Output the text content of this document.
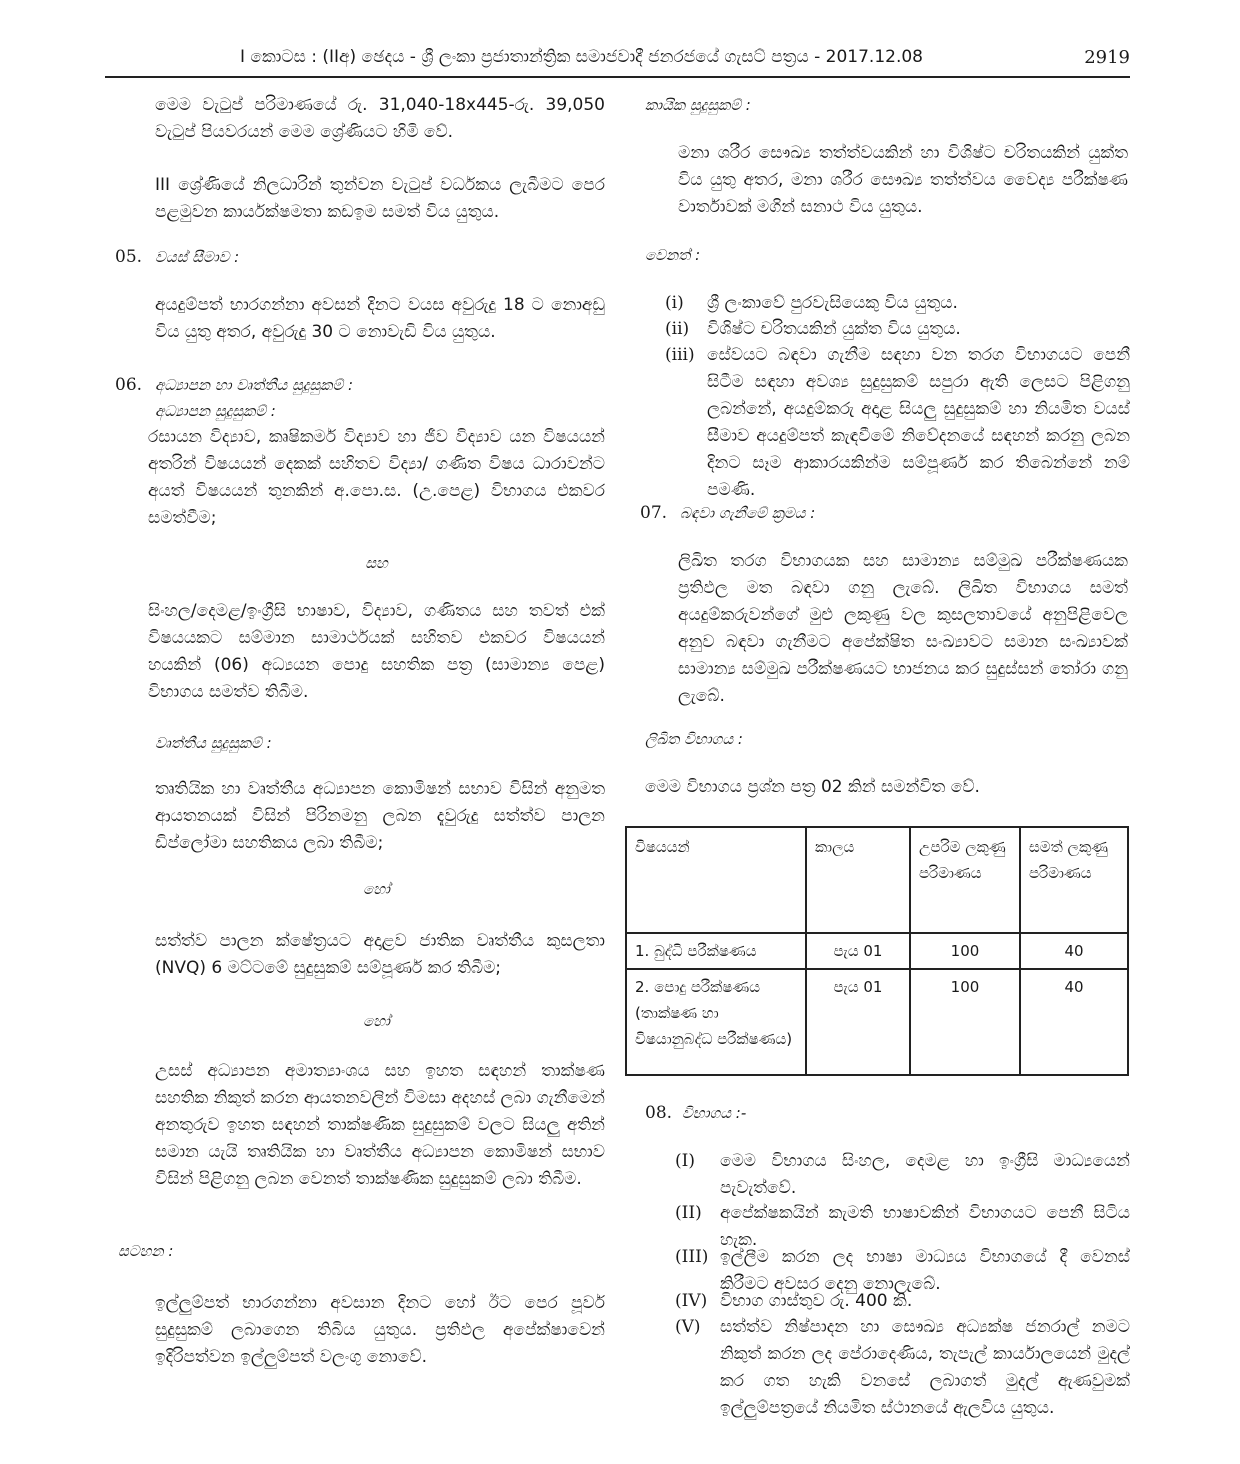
I කොටස : (IIඅ) ඡෙදය - ශ්‍රී ලංකා ප්‍රජාතාන්ත්‍රික සමාජවාදී ජනරජයේ ගැසට් පත්‍රය - 2017.12.08	2919

මෙම වැටුප් පරිමාණයේ රු. 31,040-18x445-රු. 39,050 වැටුප් පියවරයන් මෙම ශ්‍රේණියට හිමි වේ.

III ශ්‍රේණියේ නිලධාරින් තුන්වන වැටුප් වර්ධකය ලැබීමට පෙර පළමුවන කාර්යක්ෂමතා කඩඉම සමත් විය යුතුය.

05. වයස් සීමාව :

අයදුම්පත් භාරගන්නා අවසන් දිනට වයස අවුරුදු 18 ට නොඅඩු විය යුතු අතර, අවුරුදු 30 ට නොවැඩි විය යුතුය.

06. අධ්‍යාපන හා වෘත්තීය සුදුසුකම් :
අධ්‍යාපන සුදුසුකම් :

රසායන විද්‍යාව, කෘෂිකර්ම විද්‍යාව හා ජීව විද්‍යාව යන විෂයයන් අතරින් විෂයයන් දෙකක් සහිතව විද්‍යා/ ගණිත විෂය ධාරාවන්ට අයත් විෂයයන් තුනකින් අ.පො.ස. (උ.පෙළ) විභාගය එකවර සමත්වීම;

සහ

සිංහල/දෙමළ/ඉංග්‍රීසි භාෂාව, විද්‍යාව, ගණිතය සහ තවත් එක් විෂයයකට සම්මාන සාමාර්ථයක් සහිතව එකවර විෂයයන් හයකින් (06) අධ්‍යයන පොදු සහතික පත්‍ර (සාමාන්‍ය පෙළ) විභාගය සමත්ව තිබීම.

වෘත්තීය සුදුසුකම් :

තෘතියික හා වෘත්තීය අධ්‍යාපන කොමිෂන් සභාව විසින් අනුමත ආයතනයක් විසින් පිරිනමනු ලබන දැවුරුදු සත්ත්ව පාලන ඩිප්ලෝමා සහතිකය ලබා තිබීම;

හෝ

සත්ත්ව පාලන ක්ෂේත්‍රයට අදාළව ජාතික වෘත්තීය කුසලතා (NVQ) 6 මට්ටමේ සුදුසුකම් සම්පූර්ණ කර තිබීම;

හෝ

උසස් අධ්‍යාපන අමාත්‍යාංශය සහ ඉහත සඳහන් තාක්ෂණ සහතික නිකුත් කරන ආයතනවලින් විමසා අදහස් ලබා ගැනීමෙන් අනතුරුව ඉහත සඳහන් තාක්ෂණික සුදුසුකම් වලට සියලු අතින් සමාන යැයි තෘතියික හා වෘත්තීය අධ්‍යාපන කොමිෂන් සභාව විසින් පිළිගනු ලබන වෙනත් තාක්ෂණික සුදුසුකම් ලබා තිබීම.

සටහන :

ඉල්ලුම්පත් භාරගන්නා අවසාන දිනට හෝ ඊට පෙර පූර්ව සුදුසුකම් ලබාගෙන තිබිය යුතුය. ප්‍රතිඵල අපේක්ෂාවෙන් ඉදිරිපත්වන ඉල්ලුම්පත් වලංගු නොවේ.

කායික සුදුසුකම් :

මනා ශරීර සෞඛ්‍ය තත්ත්වයකින් හා විශිෂ්ට චරිතයකින් යුක්ත විය යුතු අතර, මනා ශරීර සෞඛ්‍ය තත්ත්වය වෛද්‍ය පරීක්ෂණ වාර්තාවක් මගින් සනාථ විය යුතුය.

වෙනත් :
(i) ශ්‍රී ලංකාවේ පුරවැසියෙකු විය යුතුය.
(ii) විශිෂ්ට චරිතයකින් යුක්ත විය යුතුය.
(iii) සේවයට බඳවා ගැනීම සඳහා වන තරග විභාගයට පෙනී සිටීම සඳහා අවශ්‍ය සුදුසුකම් සපුරා ඇති ලෙසට පිළිගනු ලබන්නේ, අයදුම්කරු අදාළ සියලු සුදුසුකම් හා නියමිත වයස් සීමාව අයදුම්පත් කැඳවීමේ නිවේදනයේ සඳහන් කරනු ලබන දිනට සෑම ආකාරයකින්ම සම්පූර්ණ කර තිබෙන්නේ නම් පමණි.
07. බඳවා ගැනීමේ ක්‍රමය :

ලිඛිත තරග විභාගයක සහ සාමාන්‍ය සම්මුඛ පරීක්ෂණයක ප්‍රතිඵල මත බඳවා ගනු ලැබේ. ලිඛිත විභාගය සමත් අයදුම්කරුවන්ගේ මුළු ලකුණු වල කුසලතාවයේ අනුපිළිවෙල අනුව බඳවා ගැනීමට අපේක්ෂිත සංඛ්‍යාවට සමාන සංඛ්‍යාවක් සාමාන්‍ය සම්මුඛ පරීක්ෂණයට භාජනය කර සුදුස්සන් තෝරා ගනු ලැබේ.

ලිඛිත විභාගය :

මෙම විභාගය ප්‍රශ්න පත්‍ර 02 කින් සමන්විත වේ.

විෂයයන්	කාලය	උපරිම ලකුණු පරිමාණය	සමත් ලකුණු පරිමාණය
1. බුද්ධි පරීක්ෂණය	පැය 01	100	40
2. පොදු පරීක්ෂණය (තාක්ෂණ හා විෂයානුබද්ධ පරීක්ෂණය)	පැය 01	100	40
08. විභාගය :-
(I) මෙම විභාගය සිංහල, දෙමළ හා ඉංග්‍රීසි මාධ්‍යයෙන් පැවැත්වේ.
(II) අපේක්ෂකයින් කැමති භාෂාවකින් විභාගයට පෙනී සිටිය හැක.
(III) ඉල්ලීම කරන ලද භාෂා මාධ්‍යය විභාගයේ දී වෙනස් කිරීමට අවසර දෙනු නොලැබේ.
(IV) විභාග ගාස්තුව රු. 400 කි.
(V) සත්ත්ව නිෂ්පාදන හා සෞඛ්‍ය අධ්‍යක්ෂ ජනරාල් නමට නිකුත් කරන ලද පේරාදෙණිය, තැපැල් කාර්යාලයෙන් මුදල් කර ගත හැකි වනසේ ලබාගත් මුදල් ඇණවුමක් ඉල්ලුම්පත්‍රයේ නියමිත ස්ථානයේ ඇලවිය යුතුය.
